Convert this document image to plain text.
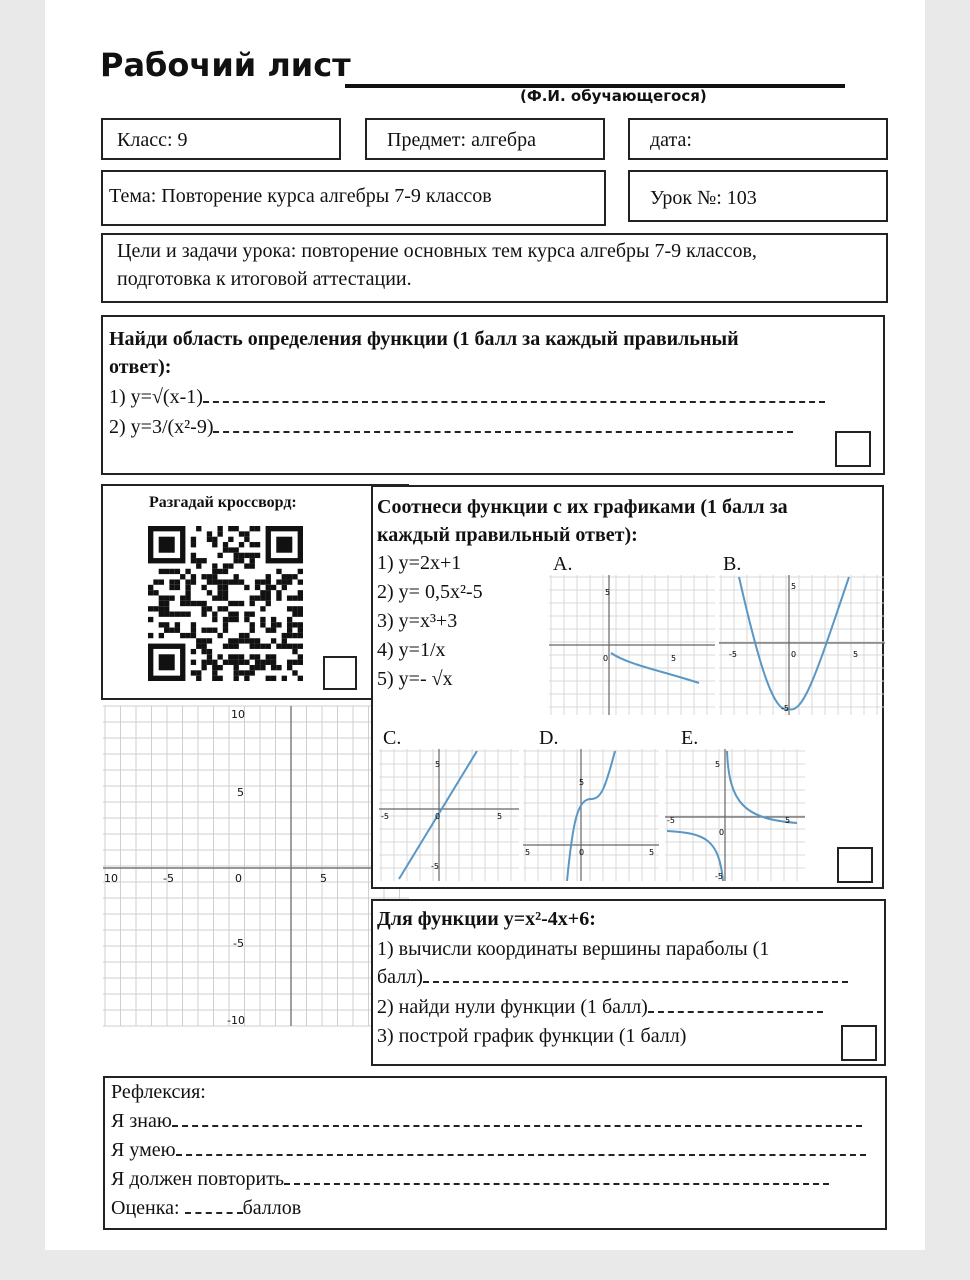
Рабочий лист
(Ф.И. обучающегося)
Класс: 9	Предмет: алгебра	дата:
Тема: Повторение курса алгебры 7-9 классов	Урок №: 103
Цели и задачи урока: повторение основных тем курса алгебры 7-9 классов,
подготовка к итоговой аттестации.
Найди область определения функции (1 балл за каждый правильный
ответ):
1) y=√(x-1)
2) y=3/(x²-9)
Разгадай кроссворд:
10
5
10	-5	0	5
-5
-10
Соотнеси функции с их графиками (1 балл за
каждый правильный ответ):
1) y=2x+1
2) y= 0,5x²-5
3) y=x³+3
4) y=1/x
5) y=- √x
A.	B.
C.	D.	E.
5
0	5
5
-5	0	5
-5
5
-5	0	5
-5
5
5	0	5
5
-5
0
5
-5
Для функции y=x²-4x+6:
1) вычисли координаты вершины параболы (1
балл)
2) найди нули функции (1 балл)
3) построй график функции (1 балл)
Рефлексия:
Я знаю
Я умею
Я должен повторить
Оценка:	баллов
